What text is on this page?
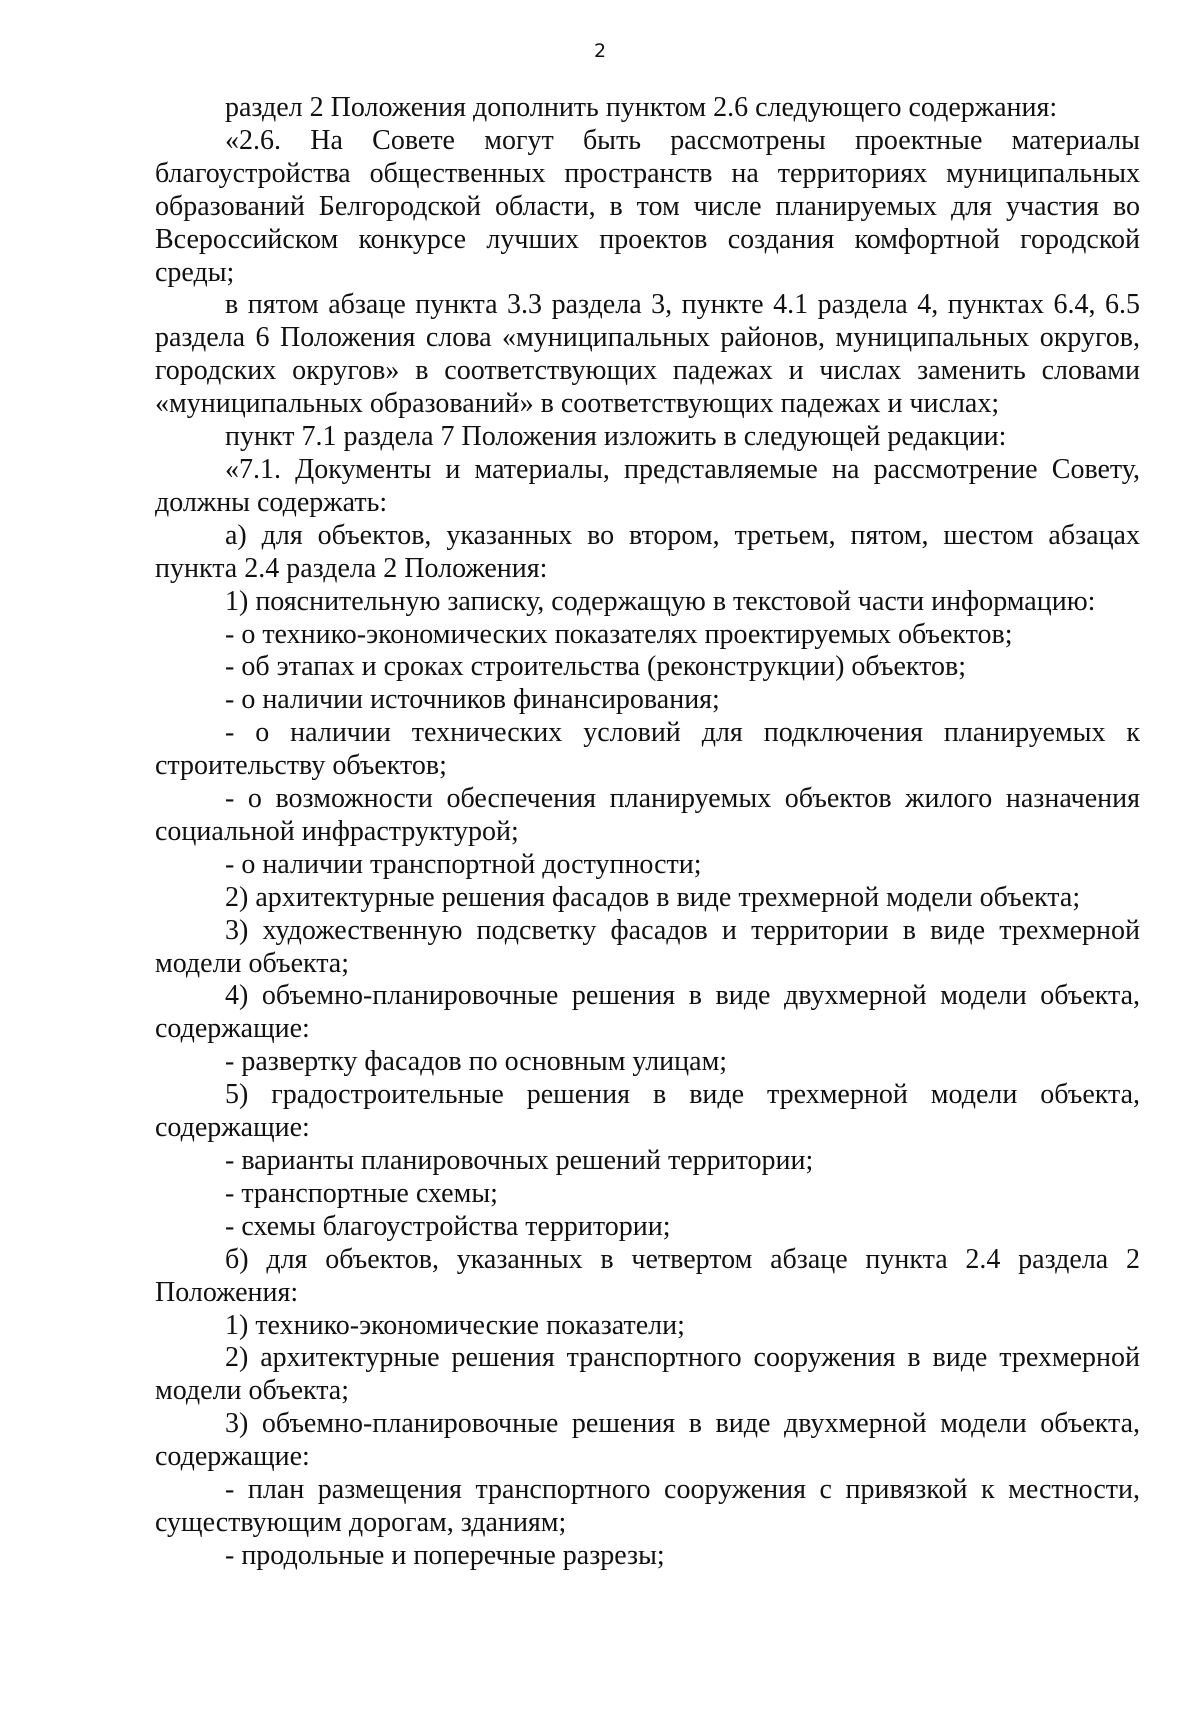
2

раздел 2 Положения дополнить пунктом 2.6 следующего содержания:

«2.6. На Совете могут быть рассмотрены проектные материалы благоустройства общественных пространств на территориях муниципальных образований Белгородской области, в том числе планируемых для участия во Всероссийском конкурсе лучших проектов создания комфортной городской среды;

в пятом абзаце пункта 3.3 раздела 3, пункте 4.1 раздела 4, пунктах 6.4, 6.5 раздела 6 Положения слова «муниципальных районов, муниципальных округов, городских округов» в соответствующих падежах и числах заменить словами «муниципальных образований» в соответствующих падежах и числах;

пункт 7.1 раздела 7 Положения изложить в следующей редакции:

«7.1. Документы и материалы, представляемые на рассмотрение Совету, должны содержать:

а) для объектов, указанных во втором, третьем, пятом, шестом абзацах пункта 2.4 раздела 2 Положения:

1) пояснительную записку, содержащую в текстовой части информацию:

- о технико-экономических показателях проектируемых объектов;

- об этапах и сроках строительства (реконструкции) объектов;

- о наличии источников финансирования;

- о наличии технических условий для подключения планируемых к строительству объектов;

- о возможности обеспечения планируемых объектов жилого назначения социальной инфраструктурой;

- о наличии транспортной доступности;

2) архитектурные решения фасадов в виде трехмерной модели объекта;

3) художественную подсветку фасадов и территории в виде трехмерной модели объекта;

4) объемно-планировочные решения в виде двухмерной модели объекта, содержащие:

- развертку фасадов по основным улицам;

5) градостроительные решения в виде трехмерной модели объекта, содержащие:

- варианты планировочных решений территории;

- транспортные схемы;

- схемы благоустройства территории;

б) для объектов, указанных в четвертом абзаце пункта 2.4 раздела 2 Положения:

1) технико-экономические показатели;

2) архитектурные решения транспортного сооружения в виде трехмерной модели объекта;

3) объемно-планировочные решения в виде двухмерной модели объекта, содержащие:

- план размещения транспортного сооружения с привязкой к местности, существующим дорогам, зданиям;

- продольные и поперечные разрезы;
